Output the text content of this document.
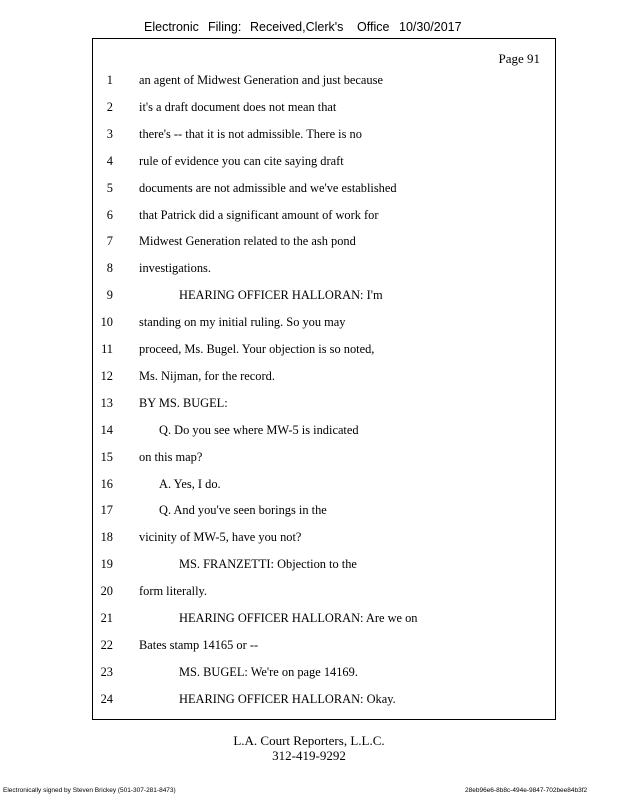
Electronic Filing: Received,Clerk's Office 10/30/2017
Page 91
1 an agent of Midwest Generation and just because
2 it's a draft document does not mean that
3 there's -- that it is not admissible. There is no
4 rule of evidence you can cite saying draft
5 documents are not admissible and we've established
6 that Patrick did a significant amount of work for
7 Midwest Generation related to the ash pond
8 investigations.
9	HEARING OFFICER HALLORAN: I'm
10 standing on my initial ruling. So you may
11 proceed, Ms. Bugel. Your objection is so noted,
12 Ms. Nijman, for the record.
13 BY MS. BUGEL:
14	Q. Do you see where MW-5 is indicated
15 on this map?
16	A. Yes, I do.
17	Q. And you've seen borings in the
18 vicinity of MW-5, have you not?
19	MS. FRANZETTI: Objection to the
20 form literally.
21	HEARING OFFICER HALLORAN: Are we on
22 Bates stamp 14165 or --
23	MS. BUGEL: We're on page 14169.
24	HEARING OFFICER HALLORAN: Okay.
L.A. Court Reporters, L.L.C.
312-419-9292
Electronically signed by Steven Brickey (501-307-281-8473)	28eb96e6-8b8c-494e-9847-702bee84b3f2
